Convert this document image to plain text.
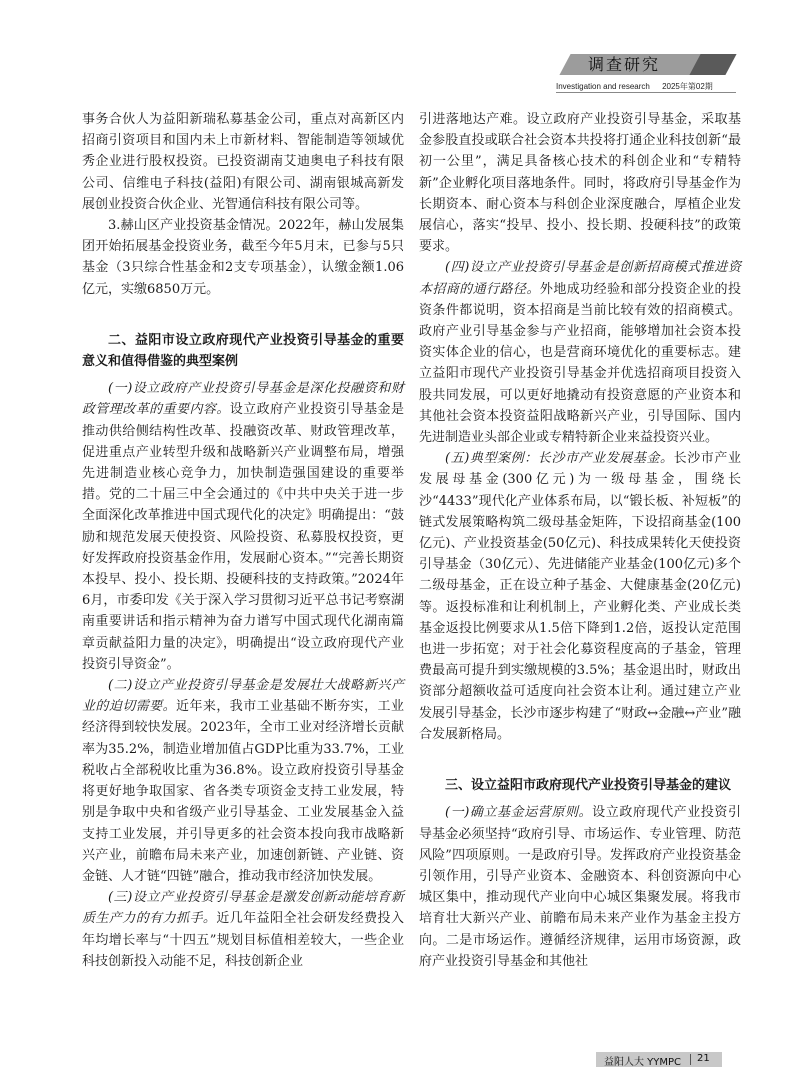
调查研究
Investigation and research 2025年第02期

事务合伙人为益阳新瑞私募基金公司，重点对高新区内招商引资项目和国内未上市新材料、智能制造等领域优秀企业进行股权投资。已投资湖南艾迪奥电子科技有限公司、信维电子科技(益阳)有限公司、湖南银城高新发展创业投资合伙企业、光智通信科技有限公司等。

3.赫山区产业投资基金情况。2022年，赫山发展集团开始拓展基金投资业务，截至今年5月末，已参与5只基金（3只综合性基金和2支专项基金），认缴金额1.06亿元，实缴6850万元。

二、益阳市设立政府现代产业投资引导基金的重要意义和值得借鉴的典型案例

(一)设立政府产业投资引导基金是深化投融资和财政管理改革的重要内容。设立政府产业投资引导基金是推动供给侧结构性改革、投融资改革、财政管理改革，促进重点产业转型升级和战略新兴产业调整布局，增强先进制造业核心竞争力，加快制造强国建设的重要举措。党的二十届三中全会通过的《中共中央关于进一步全面深化改革推进中国式现代化的决定》明确提出：“鼓励和规范发展天使投资、风险投资、私募股权投资，更好发挥政府投资基金作用，发展耐心资本。”“完善长期资本投早、投小、投长期、投硬科技的支持政策。”2024年6月，市委印发《关于深入学习贯彻习近平总书记考察湖南重要讲话和指示精神为奋力谱写中国式现代化湖南篇章贡献益阳力量的决定》，明确提出“设立政府现代产业投资引导资金”。

(二)设立产业投资引导基金是发展壮大战略新兴产业的迫切需要。近年来，我市工业基础不断夯实，工业经济得到较快发展。2023年，全市工业对经济增长贡献率为35.2%，制造业增加值占GDP比重为33.7%，工业税收占全部税收比重为36.8%。设立政府投资引导基金将更好地争取国家、省各类专项资金支持工业发展，特别是争取中央和省级产业引导基金、工业发展基金入益支持工业发展，并引导更多的社会资本投向我市战略新兴产业，前瞻布局未来产业，加速创新链、产业链、资金链、人才链“四链”融合，推动我市经济加快发展。

(三)设立产业投资引导基金是激发创新动能培育新质生产力的有力抓手。近几年益阳全社会研发经费投入年均增长率与“十四五”规划目标值相差较大，一些企业科技创新投入动能不足，科技创新企业

引进落地达产难。设立政府产业投资引导基金，采取基金参股直投或联合社会资本共投将打通企业科技创新“最初一公里”，满足具备核心技术的科创企业和“专精特新”企业孵化项目落地条件。同时，将政府引导基金作为长期资本、耐心资本与科创企业深度融合，厚植企业发展信心，落实“投早、投小、投长期、投硬科技”的政策要求。

(四)设立产业投资引导基金是创新招商模式推进资本招商的通行路径。外地成功经验和部分投资企业的投资条件都说明，资本招商是当前比较有效的招商模式。政府产业引导基金参与产业招商，能够增加社会资本投资实体企业的信心，也是营商环境优化的重要标志。建立益阳市现代产业投资引导基金并优选招商项目投资入股共同发展，可以更好地撬动有投资意愿的产业资本和其他社会资本投资益阳战略新兴产业，引导国际、国内先进制造业头部企业或专精特新企业来益投资兴业。

(五)典型案例：长沙市产业发展基金。长沙市产业发展母基金(300亿元)为一级母基金，围绕长沙“4433”现代化产业体系布局，以“锻长板、补短板”的链式发展策略构筑二级母基金矩阵，下设招商基金(100亿元)、产业投资基金(50亿元)、科技成果转化天使投资引导基金（30亿元）、先进储能产业基金(100亿元)多个二级母基金，正在设立种子基金、大健康基金(20亿元)等。返投标准和让利机制上，产业孵化类、产业成长类基金返投比例要求从1.5倍下降到1.2倍，返投认定范围也进一步拓宽；对于社会化募资程度高的子基金，管理费最高可提升到实缴规模的3.5%；基金退出时，财政出资部分超额收益可适度向社会资本让利。通过建立产业发展引导基金，长沙市逐步构建了“财政↔金融↔产业”融合发展新格局。

三、设立益阳市政府现代产业投资引导基金的建议

(一)确立基金运营原则。设立政府现代产业投资引导基金必须坚持“政府引导、市场运作、专业管理、防范风险”四项原则。一是政府引导。发挥政府产业投资基金引领作用，引导产业资本、金融资本、科创资源向中心城区集中，推动现代产业向中心城区集聚发展。将我市培育壮大新兴产业、前瞻布局未来产业作为基金主投方向。二是市场运作。遵循经济规律，运用市场资源，政府产业投资引导基金和其他社

益阳人大 YYMPC 21
